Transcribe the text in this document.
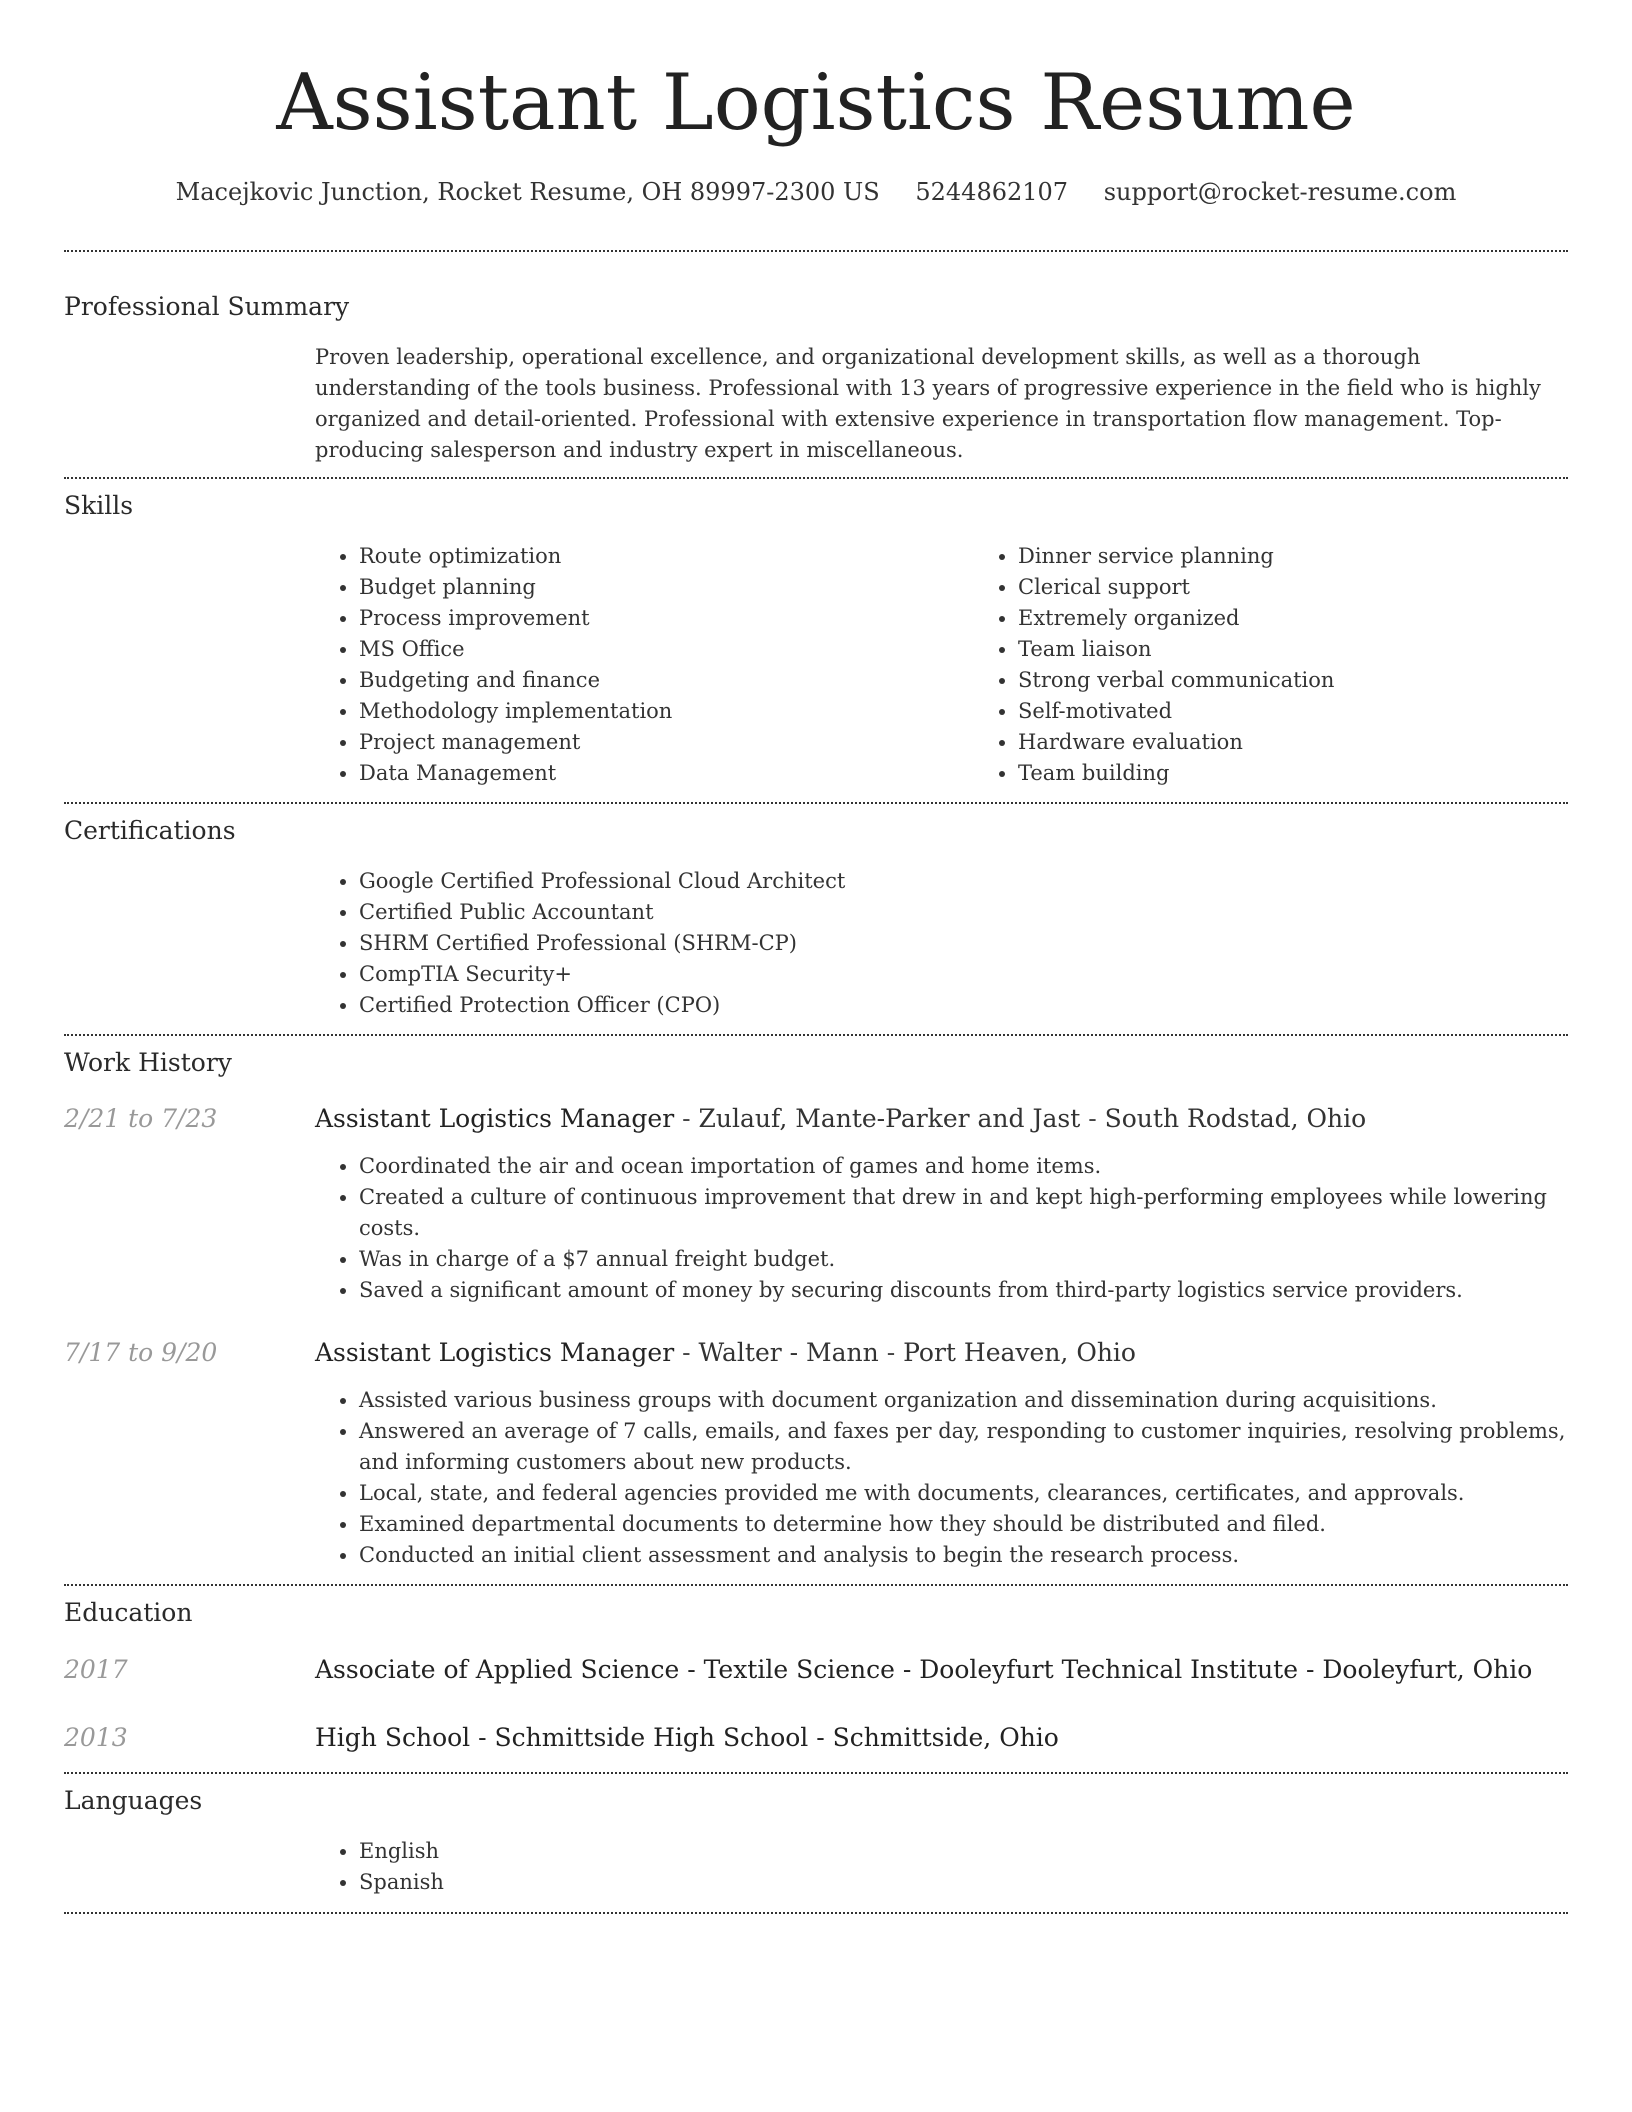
Assistant Logistics Resume
Macejkovic Junction, Rocket Resume, OH 89997-2300 US 5244862107 support@rocket-resume.com
Professional Summary

Proven leadership, operational excellence, and organizational development skills, as well as a thorough understanding of the tools business. Professional with 13 years of progressive experience in the field who is highly organized and detail-oriented. Professional with extensive experience in transportation flow management. Top-producing salesperson and industry expert in miscellaneous.

Skills
• Route optimization
• Budget planning
• Process improvement
• MS Office
• Budgeting and finance
• Methodology implementation
• Project management
• Data Management
• Dinner service planning
• Clerical support
• Extremely organized
• Team liaison
• Strong verbal communication
• Self-motivated
• Hardware evaluation
• Team building
Certifications
• Google Certified Professional Cloud Architect
• Certified Public Accountant
• SHRM Certified Professional (SHRM-CP)
• CompTIA Security+
• Certified Protection Officer (CPO)
Work History
2/21 to 7/23	Assistant Logistics Manager - Zulauf, Mante-Parker and Jast - South Rodstad, Ohio
• Coordinated the air and ocean importation of games and home items.
• Created a culture of continuous improvement that drew in and kept high-performing employees while lowering costs.
• Was in charge of a $7 annual freight budget.
• Saved a significant amount of money by securing discounts from third-party logistics service providers.
7/17 to 9/20	Assistant Logistics Manager - Walter - Mann - Port Heaven, Ohio
• Assisted various business groups with document organization and dissemination during acquisitions.
• Answered an average of 7 calls, emails, and faxes per day, responding to customer inquiries, resolving problems, and informing customers about new products.
• Local, state, and federal agencies provided me with documents, clearances, certificates, and approvals.
• Examined departmental documents to determine how they should be distributed and filed.
• Conducted an initial client assessment and analysis to begin the research process.
Education
2017	Associate of Applied Science - Textile Science - Dooleyfurt Technical Institute - Dooleyfurt, Ohio
2013	High School - Schmittside High School - Schmittside, Ohio
Languages
• English
• Spanish
